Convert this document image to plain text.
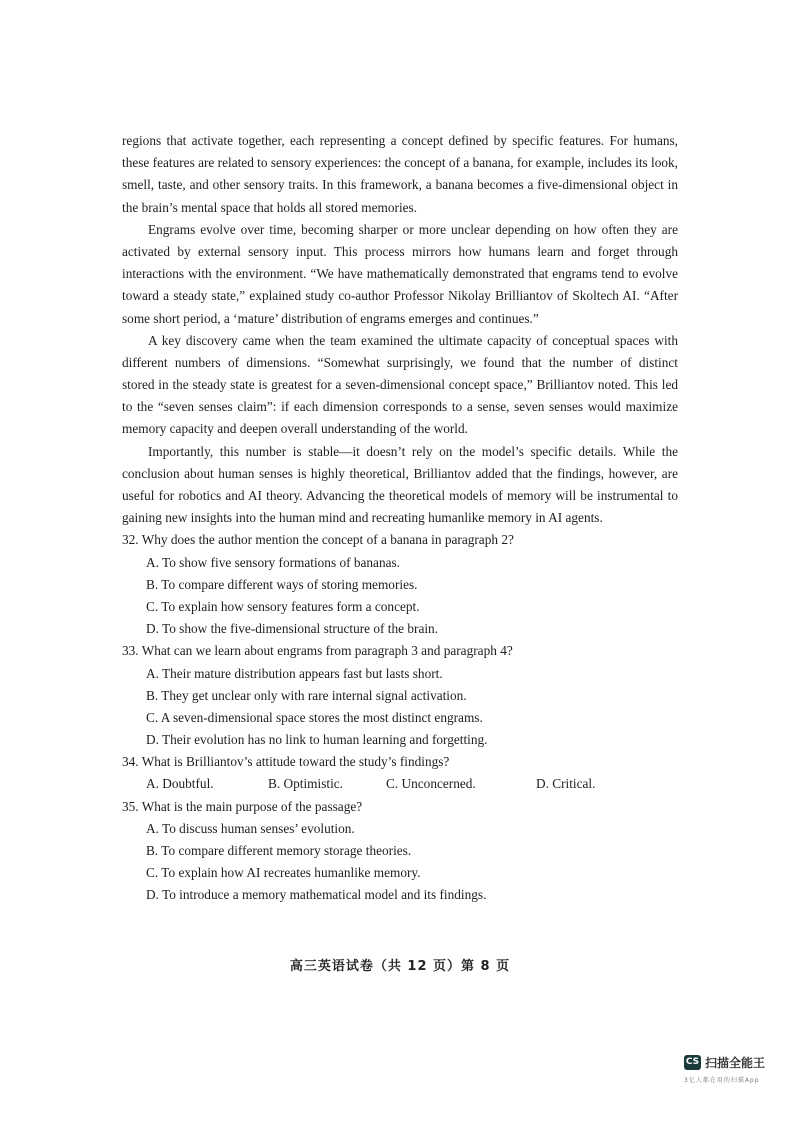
regions that activate together, each representing a concept defined by specific features. For humans,
these features are related to sensory experiences: the concept of a banana, for example, includes its look,
smell, taste, and other sensory traits. In this framework, a banana becomes a five-dimensional object in
the brain’s mental space that holds all stored memories.
Engrams evolve over time, becoming sharper or more unclear depending on how often they are
activated by external sensory input. This process mirrors how humans learn and forget through
interactions with the environment. “We have mathematically demonstrated that engrams tend to evolve
toward a steady state,” explained study co-author Professor Nikolay Brilliantov of Skoltech AI. “After
some short period, a ‘mature’ distribution of engrams emerges and continues.”
A key discovery came when the team examined the ultimate capacity of conceptual spaces with
different numbers of dimensions. “Somewhat surprisingly, we found that the number of distinct
stored in the steady state is greatest for a seven-dimensional concept space,” Brilliantov noted. This led
to the “seven senses claim”: if each dimension corresponds to a sense, seven senses would maximize
memory capacity and deepen overall understanding of the world.
Importantly, this number is stable—it doesn’t rely on the model’s specific details. While the
conclusion about human senses is highly theoretical, Brilliantov added that the findings, however, are
useful for robotics and AI theory. Advancing the theoretical models of memory will be instrumental to
gaining new insights into the human mind and recreating humanlike memory in AI agents.
32. Why does the author mention the concept of a banana in paragraph 2?
A. To show five sensory formations of bananas.
B. To compare different ways of storing memories.
C. To explain how sensory features form a concept.
D. To show the five-dimensional structure of the brain.
33. What can we learn about engrams from paragraph 3 and paragraph 4?
A. Their mature distribution appears fast but lasts short.
B. They get unclear only with rare internal signal activation.
C. A seven-dimensional space stores the most distinct engrams.
D. Their evolution has no link to human learning and forgetting.
34. What is Brilliantov’s attitude toward the study’s findings?
A. Doubtful.	B. Optimistic.	C. Unconcerned.	D. Critical.
35. What is the main purpose of the passage?
A. To discuss human senses’ evolution.
B. To compare different memory storage theories.
C. To explain how AI recreates humanlike memory.
D. To introduce a memory mathematical model and its findings.
高三英语试卷（共 12 页）第 8 页
CS 扫描全能王
3亿人都在用的扫描App
